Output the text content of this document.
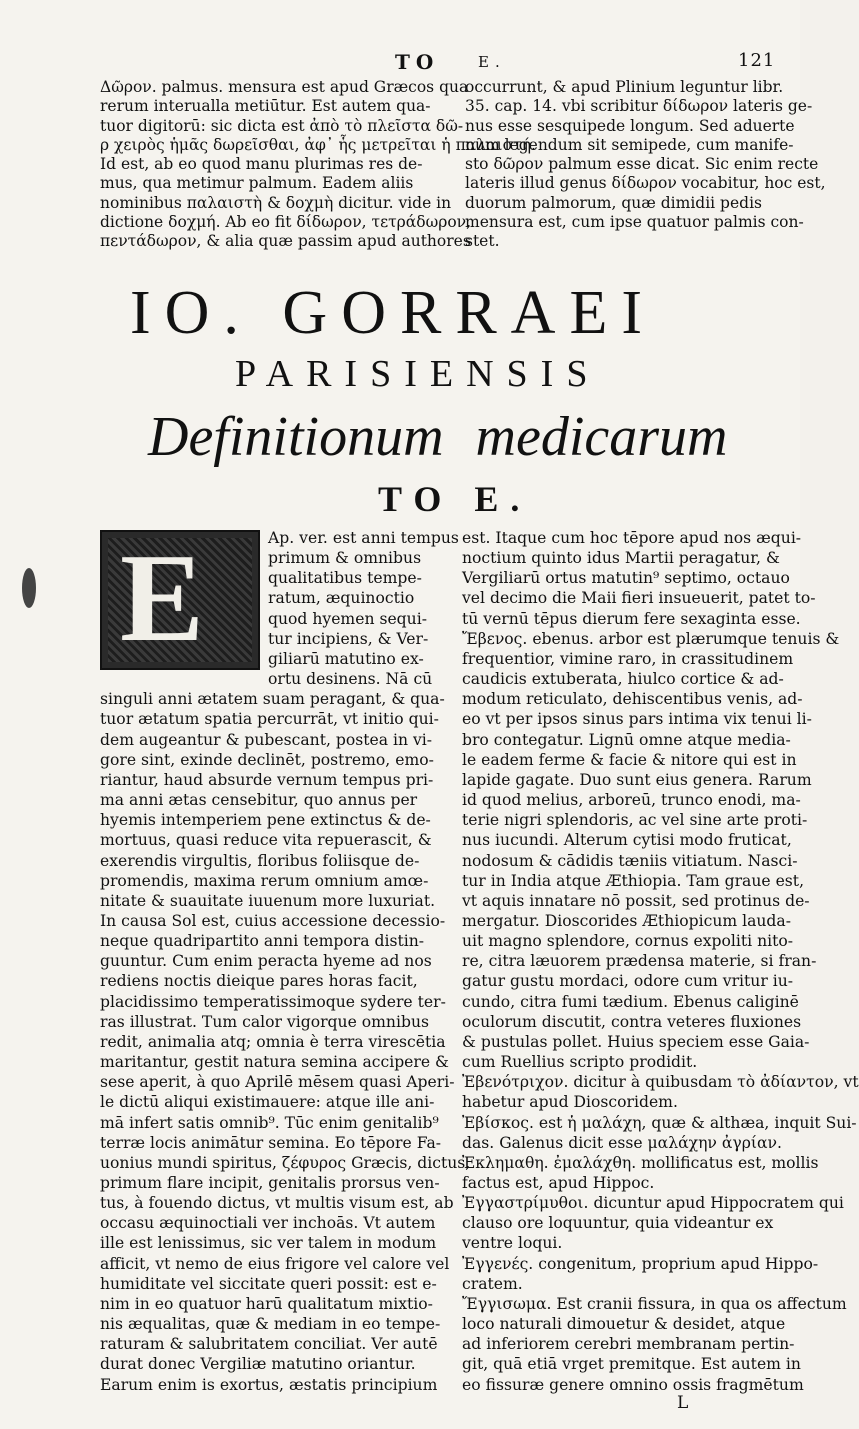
TO	E.	121
Δῶρον. palmus. mensura est apud Græcos qua
rerum interualla metiūtur. Est autem qua-
tuor digitorū: sic dicta est ἀπὸ τὸ πλεῖστα δῶ-
ρ χειρὸς ἡμᾶς δωρεῖσθαι, ἀφ᾽ ἧς μετρεῖται ἡ παλαιστή.
Id est, ab eo quod manu plurimas res de-
mus, qua metimur palmum. Eadem aliis
nominibus παλαιστὴ & δοχμὴ dicitur. vide in
dictione δοχμή. Ab eo fit δίδωρον, τετράδωρον,
πεντάδωρον, & alia quæ passim apud authores
occurrunt, & apud Plinium leguntur libr.
35. cap. 14. vbi scribitur δίδωρον lateris ge-
nus esse sesquipede longum. Sed aduerte
num legendum sit semipede, cum manife-
sto δῶρον palmum esse dicat. Sic enim recte
lateris illud genus δίδωρον vocabitur, hoc est,
duorum palmorum, quæ dimidii pedis
mensura est, cum ipse quatuor palmis con-
stet.
IO. GORRAEI
PARISIENSIS
Definitionum medicarum
TO E.
E	Ap. ver. est anni tempus
primum & omnibus
qualitatibus tempe-
ratum, æquinoctio
quod hyemen sequi-
tur incipiens, & Ver-
giliarū matutino ex-
ortu desinens. Nā cū
singuli anni ætatem suam peragant, & qua-
tuor ætatum spatia percurrāt, vt initio qui-
dem augeantur & pubescant, postea in vi-
gore sint, exinde declinēt, postremo, emo-
riantur, haud absurde vernum tempus pri-
ma anni ætas censebitur, quo annus per
hyemis intemperiem pene extinctus & de-
mortuus, quasi reduce vita repuerascit, &
exerendis virgultis, floribus foliisque de-
promendis, maxima rerum omnium amœ-
nitate & suauitate iuuenum more luxuriat.
In causa Sol est, cuius accessione decessio-
neque quadripartito anni tempora distin-
guuntur. Cum enim peracta hyeme ad nos
rediens noctis dieique pares horas facit,
placidissimo temperatissimoque sydere ter-
ras illustrat. Tum calor vigorque omnibus
redit, animalia atq; omnia è terra virescētia
maritantur, gestit natura semina accipere &
sese aperit, à quo Aprilē mēsem quasi Aperi-
le dictū aliqui existimauere: atque ille ani-
mā infert satis omnib⁹. Tūc enim genitalib⁹
terræ locis animātur semina. Eo tēpore Fa-
uonius mundi spiritus, ζέφυρος Græcis, dictus,
primum flare incipit, genitalis prorsus ven-
tus, à fouendo dictus, vt multis visum est, ab
occasu æquinoctiali ver inchoās. Vt autem
ille est lenissimus, sic ver talem in modum
afficit, vt nemo de eius frigore vel calore vel
humiditate vel siccitate queri possit: est e-
nim in eo quatuor harū qualitatum mixtio-
nis æqualitas, quæ & mediam in eo tempe-
raturam & salubritatem conciliat. Ver autē
durat donec Vergiliæ matutino oriantur.
Earum enim is exortus, æstatis principium
est. Itaque cum hoc tēpore apud nos æqui-
noctium quinto idus Martii peragatur, &
Vergiliarū ortus matutin⁹ septimo, octauo
vel decimo die Maii fieri insueuerit, patet to-
tū vernū tēpus dierum fere sexaginta esse.
Ἔβενος. ebenus. arbor est plærumque tenuis &
frequentior, vimine raro, in crassitudinem
caudicis extuberata, hiulco cortice & ad-
modum reticulato, dehiscentibus venis, ad-
eo vt per ipsos sinus pars intima vix tenui li-
bro contegatur. Lignū omne atque media-
le eadem ferme & facie & nitore qui est in
lapide gagate. Duo sunt eius genera. Rarum
id quod melius, arboreū, trunco enodi, ma-
terie nigri splendoris, ac vel sine arte proti-
nus iucundi. Alterum cytisi modo fruticat,
nodosum & cādidis tæniis vitiatum. Nasci-
tur in India atque Æthiopia. Tam graue est,
vt aquis innatare nō possit, sed protinus de-
mergatur. Dioscorides Æthiopicum lauda-
uit magno splendore, cornus expoliti nito-
re, citra læuorem prædensa materie, si fran-
gatur gustu mordaci, odore cum vritur iu-
cundo, citra fumi tædium. Ebenus caliginē
oculorum discutit, contra veteres fluxiones
& pustulas pollet. Huius speciem esse Gaia-
cum Ruellius scripto prodidit.
Ἐβενότριχον. dicitur à quibusdam τὸ ἀδίαντον, vt
habetur apud Dioscoridem.
Ἐβίσκος. est ἡ μαλάχη, quæ & althæa, inquit Sui-
das. Galenus dicit esse μαλάχην ἀγρίαν.
Ἐκλημαθη. ἐμαλάχθη. mollificatus est, mollis
factus est, apud Hippoc.
Ἐγγαστρίμυθοι. dicuntur apud Hippocratem qui
clauso ore loquuntur, quia videantur ex
ventre loqui.
Ἐγγενές. congenitum, proprium apud Hippo-
cratem.
Ἔγγισωμα. Est cranii fissura, in qua os affectum
loco naturali dimouetur & desidet, atque
ad inferiorem cerebri membranam pertin-
git, quā etiā vrget premitque. Est autem in
eo fissuræ genere omnino ossis fragmētum
L
